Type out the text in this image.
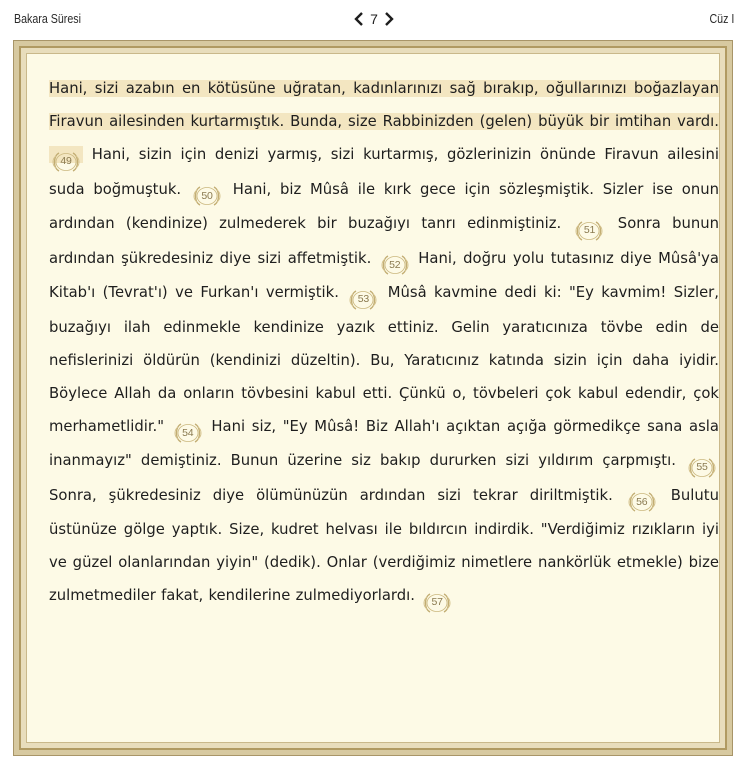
Bakara Süresi	7	Cüz I
Hani, sizi azabın en kötüsüne uğratan, kadınlarınızı sağ bırakıp, oğullarınızı boğazlayan Firavun ailesinden kurtarmıştık. Bunda, size Rabbinizden (gelen) büyük bir imtihan vardı.
49 Hani, sizin için denizi yarmış, sizi kurtarmış, gözlerinizin önünde Firavun ailesini suda boğmuştuk. 50 Hani, biz Mûsâ ile kırk gece için sözleşmiştik. Sizler ise onun ardından (kendinize) zulmederek bir buzağıyı tanrı edinmiştiniz. 51 Sonra bunun ardından şükredesiniz diye sizi affetmiştik. 52 Hani, doğru yolu tutasınız diye Mûsâ'ya Kitab'ı (Tevrat'ı) ve Furkan'ı vermiştik. 53 Mûsâ kavmine dedi ki: "Ey kavmim! Sizler, buzağıyı ilah edinmekle kendinize yazık ettiniz. Gelin yaratıcınıza tövbe edin de nefislerinizi öldürün (kendinizi düzeltin). Bu, Yaratıcınız katında sizin için daha iyidir. Böylece Allah da onların tövbesini kabul etti. Çünkü o, tövbeleri çok kabul edendir, çok merhametlidir." 54 Hani siz, "Ey Mûsâ! Biz Allah'ı açıktan açığa görmedikçe sana asla inanmayız" demiştiniz. Bunun üzerine siz bakıp dururken sizi yıldırım çarpmıştı. 55
Sonra, şükredesiniz diye ölümünüzün ardından sizi tekrar diriltmiştik. 56 Bulutu üstünüze gölge yaptık. Size, kudret helvası ile bıldırcın indirdik. "Verdiğimiz rızıkların iyi ve güzel olanlarından yiyin" (dedik). Onlar (verdiğimiz nimetlere nankörlük etmekle) bize zulmetmediler fakat, kendilerine zulmediyorlardı. 57
